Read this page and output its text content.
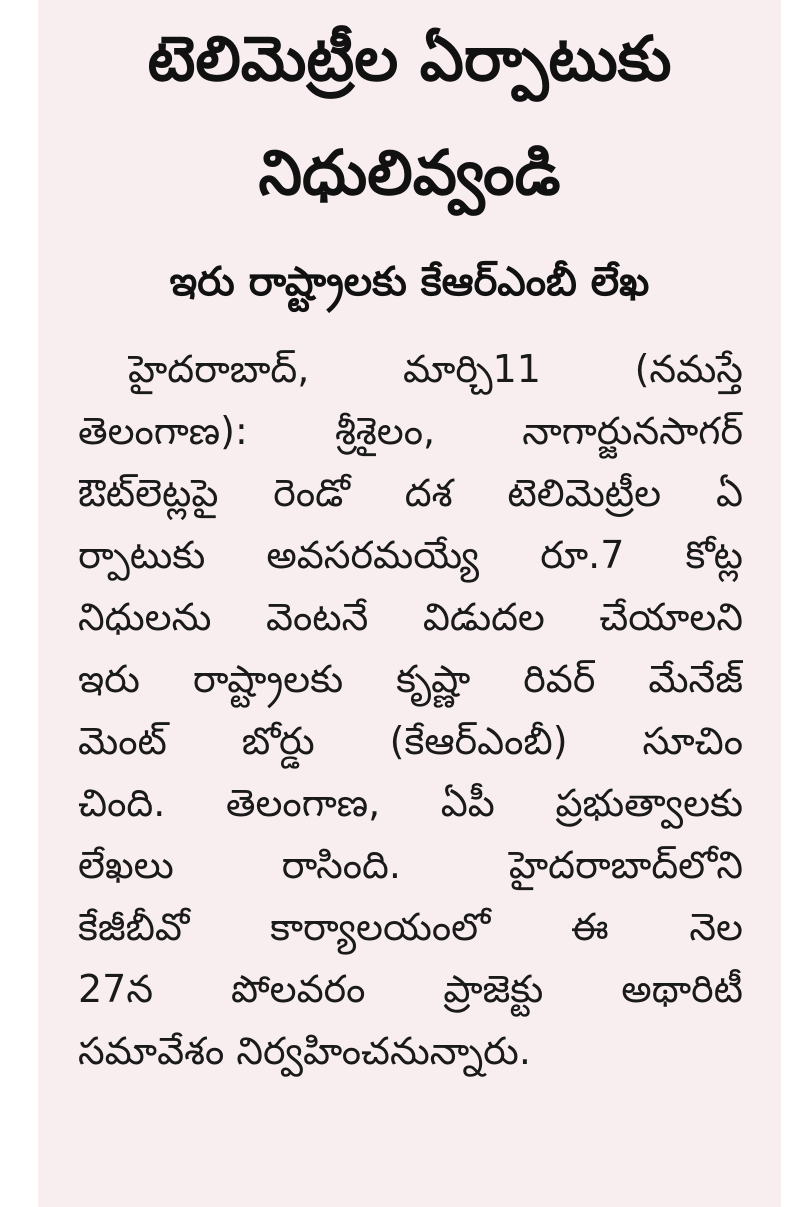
టెలిమెట్రీల ఏర్పాటుకు
నిధులివ్వండి
ఇరు రాష్ట్రాలకు కేఆర్‌ఎంబీ లేఖ
హైదరాబాద్, మార్చి11 (నమస్తే
తెలంగాణ): శ్రీశైలం, నాగార్జునసాగర్
ఔట్‌లెట్లపై రెండో దశ టెలిమెట్రీల ఏ
ర్పాటుకు అవసరమయ్యే రూ.7 కోట్ల
నిధులను వెంటనే విడుదల చేయాలని
ఇరు రాష్ట్రాలకు కృష్ణా రివర్ మేనేజ్
మెంట్ బోర్డు (కేఆర్‌ఎంబీ) సూచిం
చింది. తెలంగాణ, ఏపీ ప్రభుత్వాలకు
లేఖలు రాసింది. హైదరాబాద్‌లోని
కేజీబీవో కార్యాలయంలో ఈ నెల
27న పోలవరం ప్రాజెక్టు అథారిటీ
సమావేశం నిర్వహించనున్నారు.
